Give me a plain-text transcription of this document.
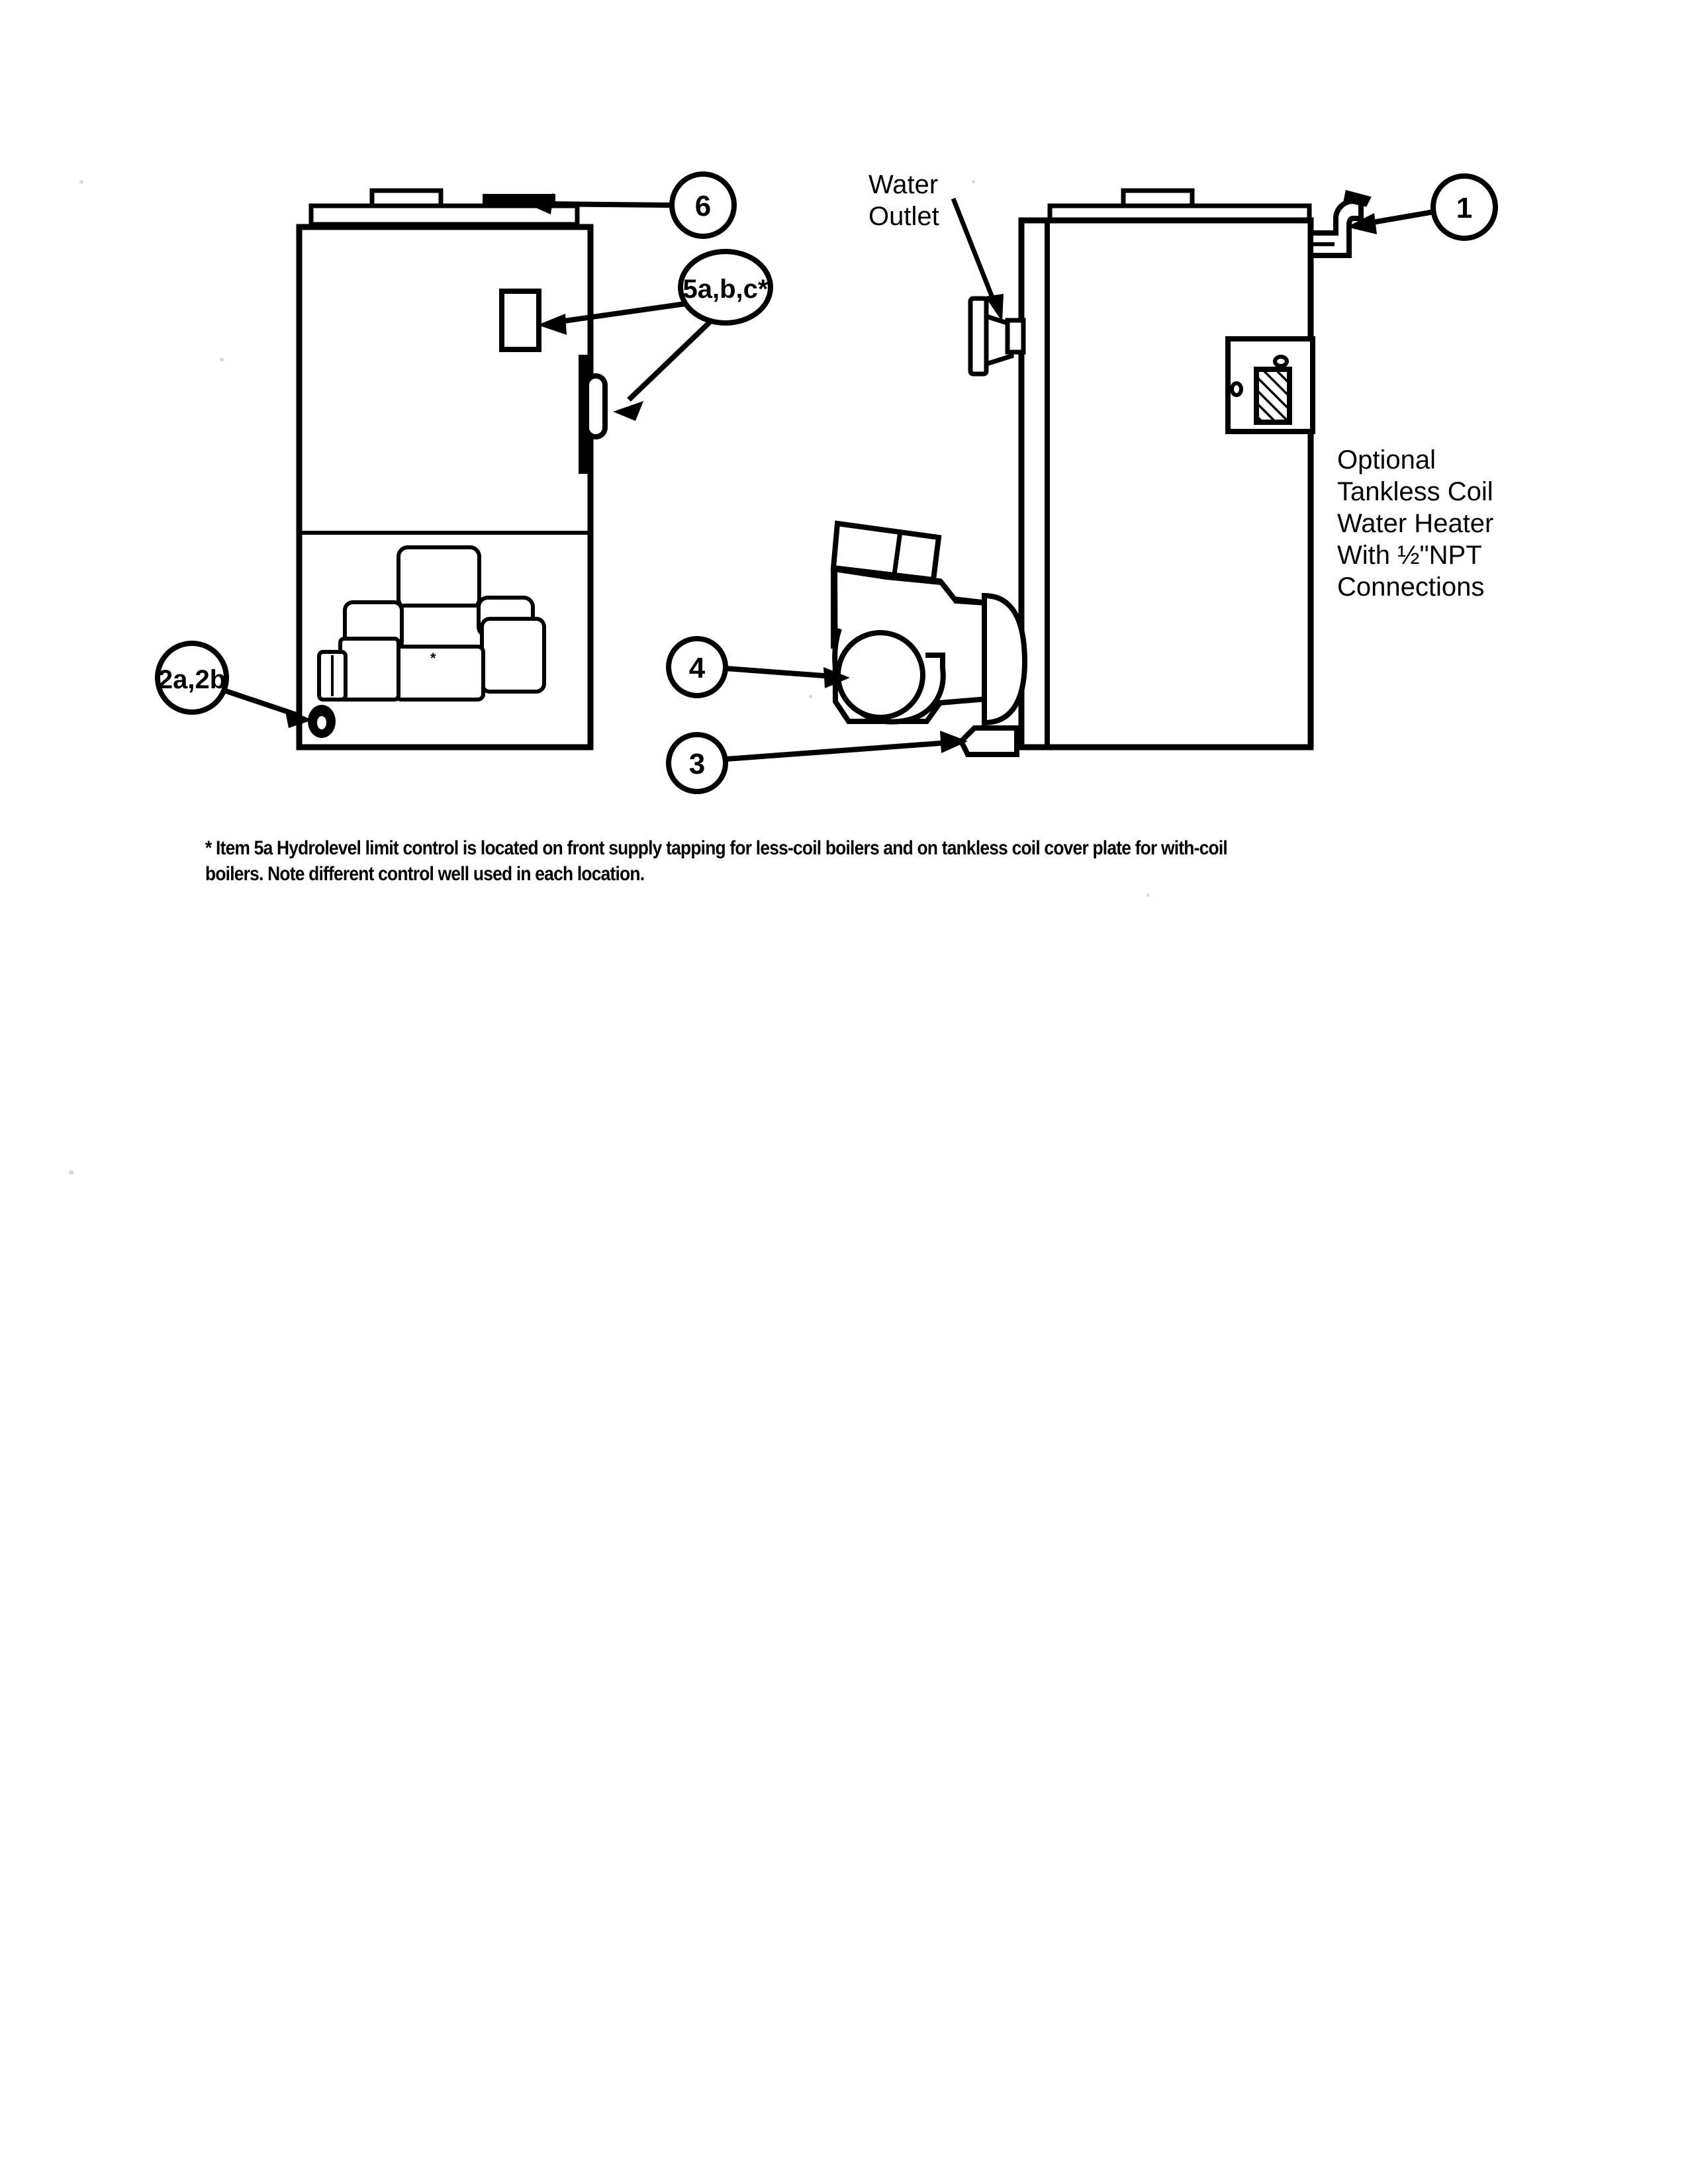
*
6
5a,b,c*
2a,2b	4
3
1
Water
Outlet
Optional
Tankless Coil
Water Heater
With ½"NPT
Connections
* Item 5a Hydrolevel limit control is located on front supply tapping for less-coil boilers and on tankless coil cover plate for with-coil boilers. Note different control well used in each location.
